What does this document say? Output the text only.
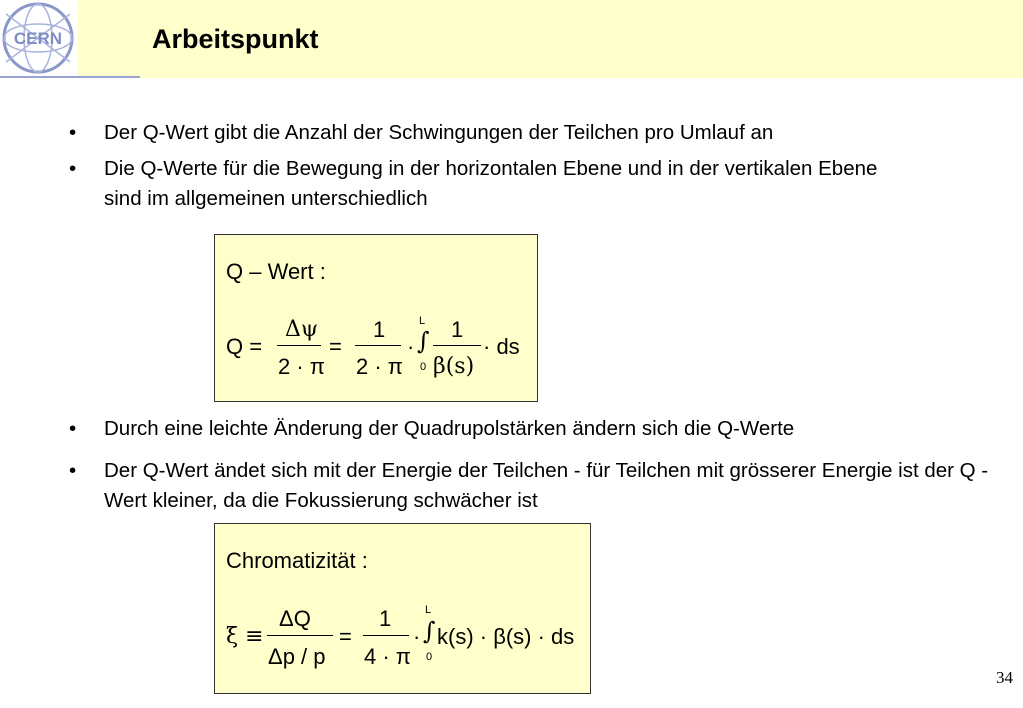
CERN	Arbeitspunkt
• Der Q-Wert gibt die Anzahl der Schwingungen der Teilchen pro Umlauf an
• Die Q-Werte für die Bewegung in der horizontalen Ebene und in der vertikalen Ebene sind im allgemeinen unterschiedlich
Q – Wert :
Q =
Δψ
2 · π
=
1
2 · π
·
L
∫
0
1
β(s)
· ds
• Durch eine leichte Änderung der Quadrupolstärken ändern sich die Q-Werte
• Der Q-Wert ändet sich mit der Energie der Teilchen - für Teilchen mit grösserer Energie ist der Q - Wert kleiner, da die Fokussierung schwächer ist
Chromatizität :
ξ ≡
ΔQ
Δp / p
=
1
4 · π
·
L
∫
0
k(s) · β(s) · ds
34
